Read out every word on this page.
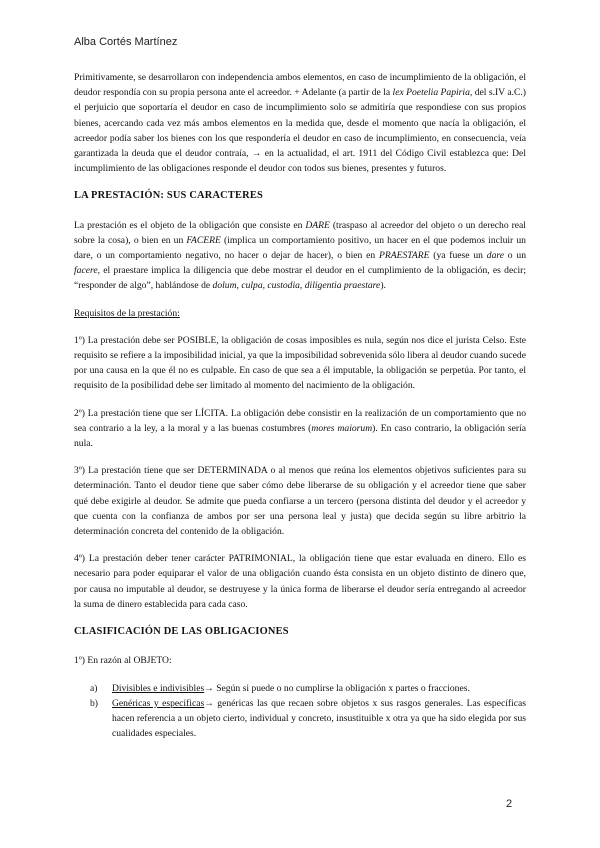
Alba Cortés Martínez

Primitivamente, se desarrollaron con independencia ambos elementos, en caso de incumplimiento de la obligación, el deudor respondía con su propia persona ante el acreedor. + Adelante (a partir de la lex Poetelia Papiria, del s.IV a.C.) el perjuicio que soportaría el deudor en caso de incumplimiento solo se admitiría que respondiese con sus propios bienes, acercando cada vez más ambos elementos en la medida que, desde el momento que nacía la obligación, el acreedor podía saber los bienes con los que respondería el deudor en caso de incumplimiento, en consecuencia, veía garantizada la deuda que el deudor contraía, → en la actualidad, el art. 1911 del Código Civil establezca que: Del incumplimiento de las obligaciones responde el deudor con todos sus bienes, presentes y futuros.

LA PRESTACIÓN: SUS CARACTERES

La prestación es el objeto de la obligación que consiste en DARE (traspaso al acreedor del objeto o un derecho real sobre la cosa), o bien en un FACERE (implica un comportamiento positivo, un hacer en el que podemos incluir un dare, o un comportamiento negativo, no hacer o dejar de hacer), o bien en PRAESTARE (ya fuese un dare o un facere, el praestare implica la diligencia que debe mostrar el deudor en el cumplimiento de la obligación, es decir; “responder de algo”, hablándose de dolum, culpa, custodia, diligentia praestare).

Requisitos de la prestación:

1º) La prestación debe ser POSIBLE, la obligación de cosas imposibles es nula, según nos dice el jurista Celso. Este requisito se refiere a la imposibilidad inicial, ya que la imposibilidad sobrevenida sólo libera al deudor cuando sucede por una causa en la que él no es culpable. En caso de que sea a él imputable, la obligación se perpetúa. Por tanto, el requisito de la posibilidad debe ser limitado al momento del nacimiento de la obligación.

2º) La prestación tiene que ser LÍCITA. La obligación debe consistir en la realización de un comportamiento que no sea contrario a la ley, a la moral y a las buenas costumbres (mores maiorum). En caso contrario, la obligación sería nula.

3º) La prestación tiene que ser DETERMINADA o al menos que reúna los elementos objetivos suficientes para su determinación. Tanto el deudor tiene que saber cómo debe liberarse de su obligación y el acreedor tiene que saber qué debe exigirle al deudor. Se admite que pueda confiarse a un tercero (persona distinta del deudor y el acreedor y que cuenta con la confianza de ambos por ser una persona leal y justa) que decida según su libre arbitrio la determinación concreta del contenido de la obligación.

4º) La prestación deber tener carácter PATRIMONIAL, la obligación tiene que estar evaluada en dinero. Ello es necesario para poder equiparar el valor de una obligación cuando ésta consista en un objeto distinto de dinero que, por causa no imputable al deudor, se destruyese y la única forma de liberarse el deudor sería entregando al acreedor la suma de dinero establecida para cada caso.

CLASIFICACIÓN DE LAS OBLIGACIONES

1º) En razón al OBJETO:

a)	Divisibles e indivisibles→ Según si puede o no cumplirse la obligación x partes o fracciones.
b)	Genéricas y específicas→ genéricas las que recaen sobre objetos x sus rasgos generales. Las específicas hacen referencia a un objeto cierto, individual y concreto, insustituible x otra ya que ha sido elegida por sus cualidades especiales.
2
